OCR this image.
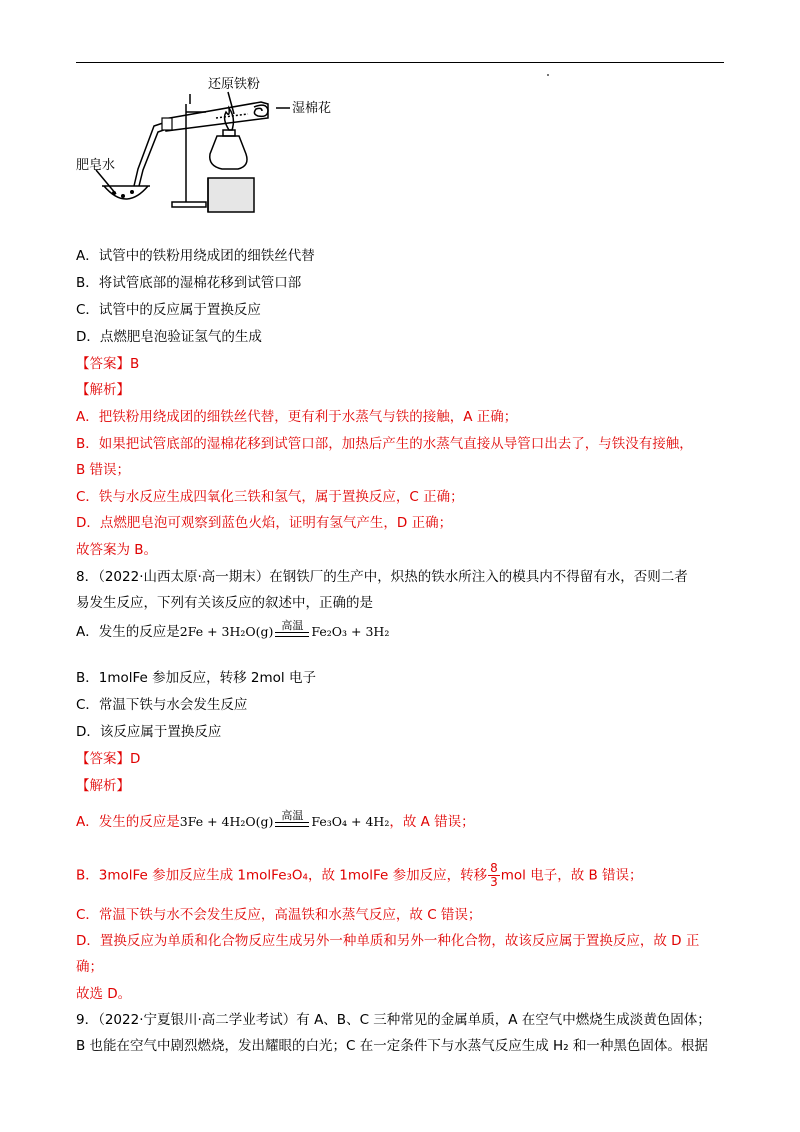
还原铁粉
湿棉花
肥皂水
A．试管中的铁粉用绕成团的细铁丝代替
B．将试管底部的湿棉花移到试管口部
C．试管中的反应属于置换反应
D．点燃肥皂泡验证氢气的生成
【答案】B
【解析】
A．把铁粉用绕成团的细铁丝代替，更有利于水蒸气与铁的接触，A 正确；
B．如果把试管底部的湿棉花移到试管口部，加热后产生的水蒸气直接从导管口出去了，与铁没有接触，
B 错误；
C．铁与水反应生成四氧化三铁和氢气，属于置换反应，C 正确；
D．点燃肥皂泡可观察到蓝色火焰，证明有氢气产生，D 正确；
故答案为 B。
8．（2022·山西太原·高一期末）在钢铁厂的生产中，炽热的铁水所注入的模具内不得留有水，否则二者
易发生反应，下列有关该反应的叙述中，正确的是
A．发生的反应是2Fe + 3H₂O(g) 高温 Fe₂O₃ + 3H₂
B．1molFe 参加反应，转移 2mol 电子
C．常温下铁与水会发生反应
D．该反应属于置换反应
【答案】D
【解析】
A．发生的反应是3Fe + 4H₂O(g) 高温 Fe₃O₄ + 4H₂，故 A 错误；
B．3molFe 参加反应生成 1molFe₃O₄，故 1molFe 参加反应，转移 $\frac{8}{3}$ mol 电子，故 B 错误；
C．常温下铁与水不会发生反应，高温铁和水蒸气反应，故 C 错误；
D．置换反应为单质和化合物反应生成另外一种单质和另外一种化合物，故该反应属于置换反应，故 D 正
确；
故选 D。
9．（2022·宁夏银川·高二学业考试）有 A、B、C 三种常见的金属单质，A 在空气中燃烧生成淡黄色固体；
B 也能在空气中剧烈燃烧，发出耀眼的白光；C 在一定条件下与水蒸气反应生成 H₂ 和一种黑色固体。根据
